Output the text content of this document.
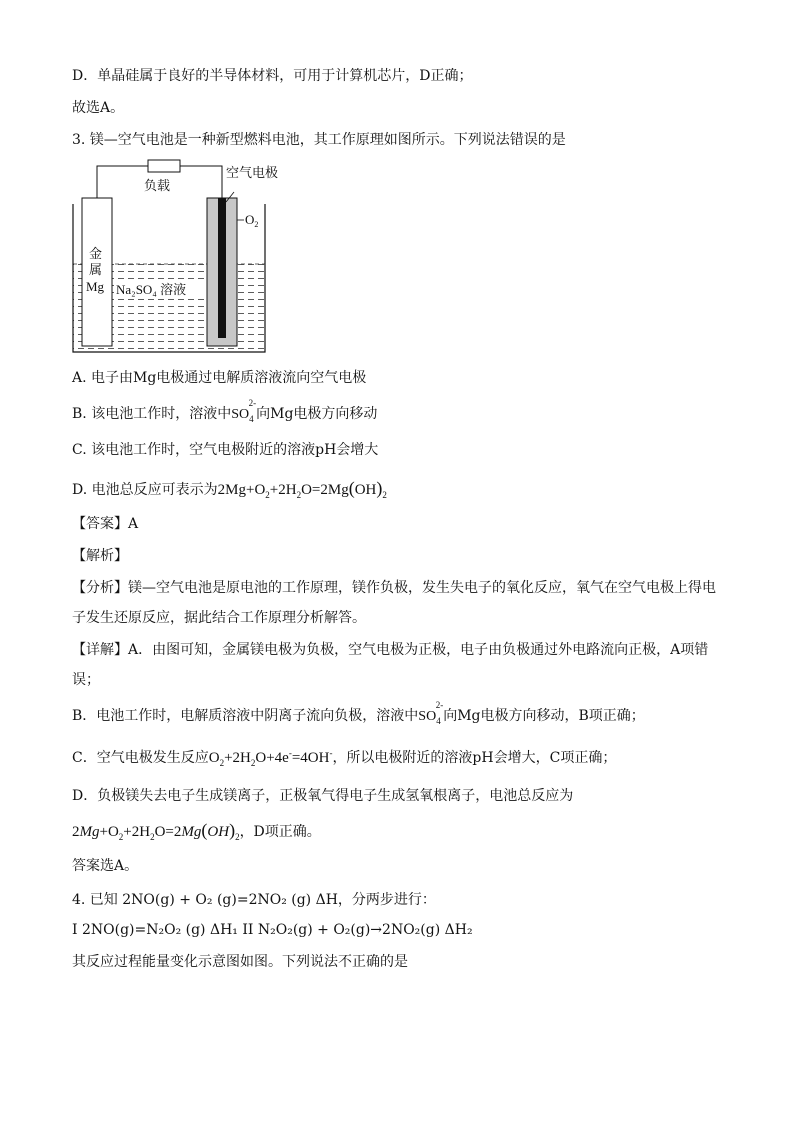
D．单晶硅属于良好的半导体材料，可用于计算机芯片，D正确；
故选A。
3. 镁—空气电池是一种新型燃料电池，其工作原理如图所示。下列说法错误的是
负载
金
属
Mg Na₂SO₄ 溶液
空气电极
$O_2$
A. 电子由Mg电极通过电解质溶液流向空气电极
B. 该电池工作时，溶液中$SO_4^{2-}$向Mg电极方向移动
C. 该电池工作时，空气电极附近的溶液pH会增大
D. 电池总反应可表示为$2Mg+O_2+2H_2O=2Mg(OH)_2$
【答案】A
【解析】
【分析】镁—空气电池是原电池的工作原理，镁作负极，发生失电子的氧化反应，氧气在空气电极上得电
子发生还原反应，据此结合工作原理分析解答。
【详解】A．由图可知，金属镁电极为负极，空气电极为正极，电子由负极通过外电路流向正极，A项错
误；
B．电池工作时，电解质溶液中阴离子流向负极，溶液中$SO_4^{2-}$向Mg电极方向移动，B项正确；
C．空气电极发生反应$O_2+2H_2O+4e^-=4OH^-$，所以电极附近的溶液pH会增大，C项正确；
D．负极镁失去电子生成镁离子，正极氧气得电子生成氢氧根离子，电池总反应为
$2Mg+O_2+2H_2O=2Mg(OH)_2$，D项正确。
答案选A。
4. 已知 2NO(g) + O₂ (g)=2NO₂ (g) ΔH，分两步进行：
I 2NO(g)=N₂O₂ (g) ΔH₁ II N₂O₂(g) + O₂(g)→2NO₂(g) ΔH₂
其反应过程能量变化示意图如图。下列说法不正确的是
